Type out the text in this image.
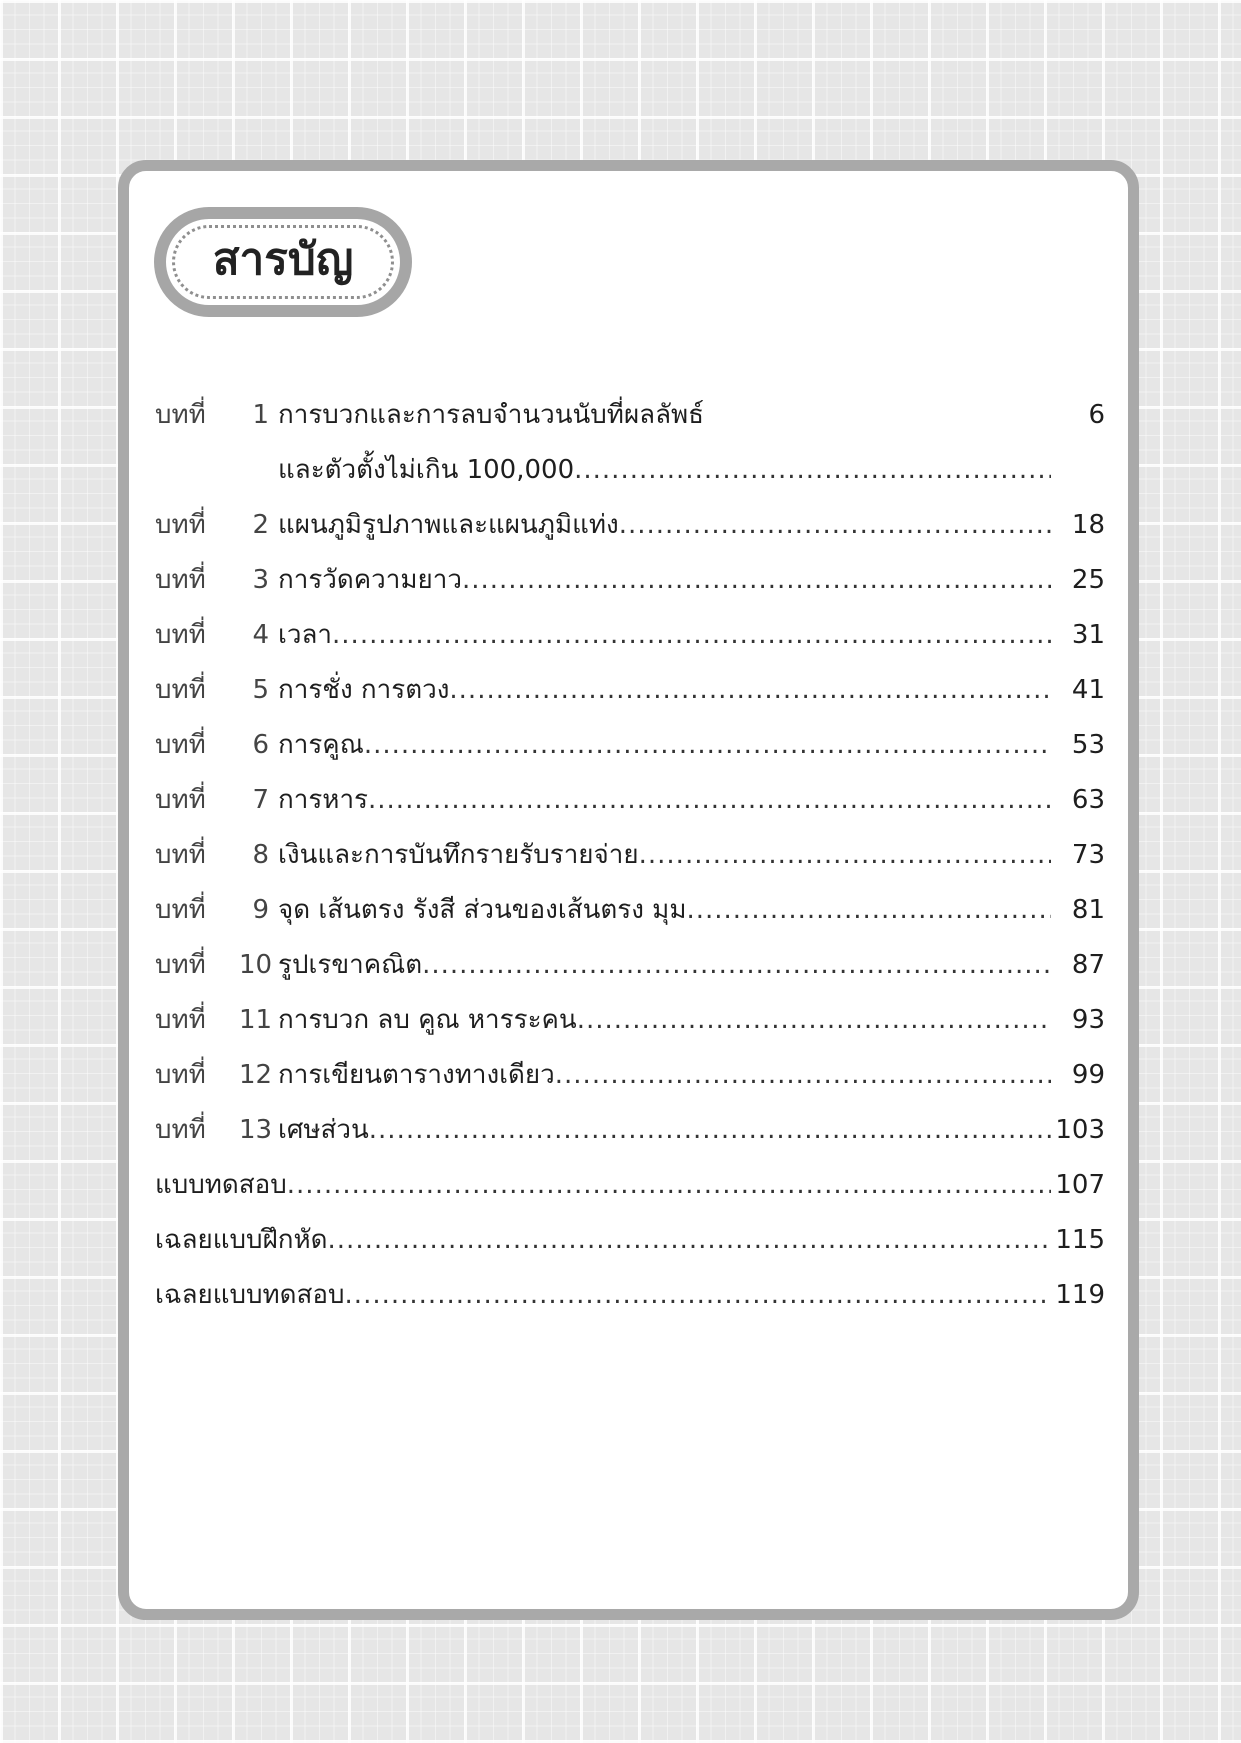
สารบัญ
บทที่	1 การบวกและการลบจำนวนนับที่ผลลัพธ์	6
และตัวตั้งไม่เกิน 100,000
.....
บทที่	2 แผนภูมิรูปภาพและแผนภูมิแท่ง .....	18
บทที่	3 การวัดความยาว .....	25
บทที่	4 เวลา .....	31
บทที่	5 การชั่ง การตวง .....	41
บทที่	6 การคูณ .....	53
บทที่	7 การหาร .....	63
บทที่	8 เงินและการบันทึกรายรับรายจ่าย .....	73
บทที่	9 จุด เส้นตรง รังสี ส่วนของเส้นตรง มุม .....	81
บทที่	10 รูปเรขาคณิต .....	87
บทที่	11 การบวก ลบ คูณ หารระคน .....	93
บทที่	12 การเขียนตารางทางเดียว .....	99
บทที่	13 เศษส่วน .....	103
แบบทดสอบ .....	107
เฉลยแบบฝึกหัด .....	115
เฉลยแบบทดสอบ .....	119
